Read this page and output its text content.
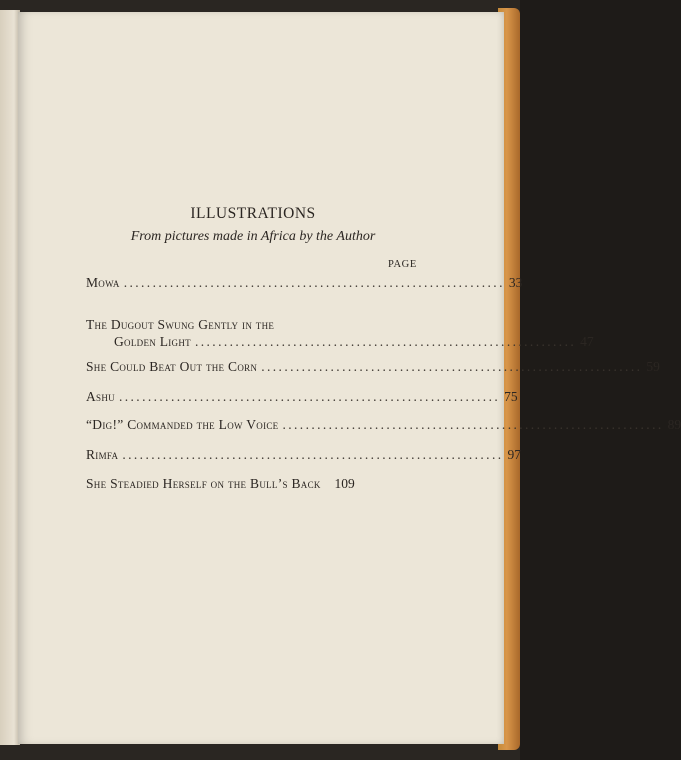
ILLUSTRATIONS
From pictures made in Africa by the Author
PAGE
Mowa .................................................................. 33
The Dugout Swung Gently in the
Golden Light .................................................................. 47
She Could Beat Out the Corn .................................................................. 59
Ashu .................................................................. 75
“Dig!” Commanded the Low Voice .................................................................. 89
Rimfa .................................................................. 97
She Steadied Herself on the Bull’s Back	109
